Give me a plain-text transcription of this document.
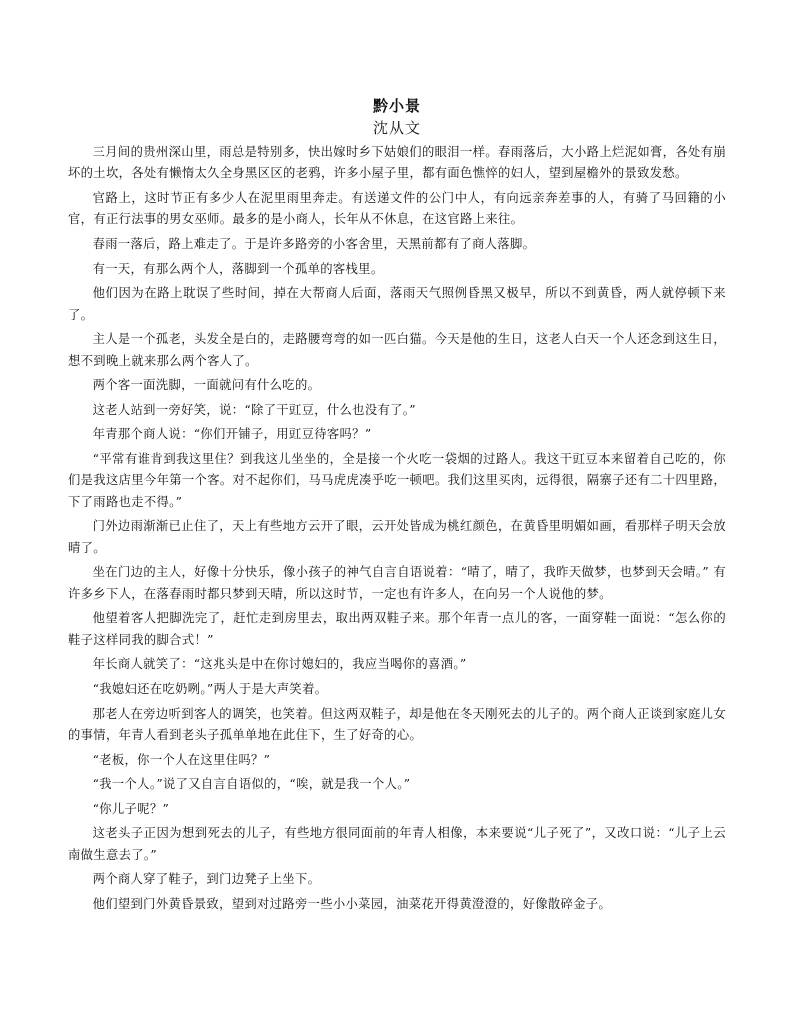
黔小景
沈从文

三月间的贵州深山里，雨总是特别多，快出嫁时乡下姑娘们的眼泪一样。春雨落后，大小路上烂泥如膏，各处有崩坏的土坎，各处有懒惰太久全身黑区区的老鸦，许多小屋子里，都有面色憔悴的妇人，望到屋檐外的景致发愁。

官路上，这时节正有多少人在泥里雨里奔走。有送递文件的公门中人，有向远亲奔差事的人，有骑了马回籍的小官，有正行法事的男女巫师。最多的是小商人，长年从不休息，在这官路上来往。

春雨一落后，路上难走了。于是许多路旁的小客舍里，天黑前都有了商人落脚。

有一天，有那么两个人，落脚到一个孤单的客栈里。

他们因为在路上耽误了些时间，掉在大帮商人后面，落雨天气照例昏黑又极早，所以不到黄昏，两人就停顿下来了。

主人是一个孤老，头发全是白的，走路腰弯弯的如一匹白猫。今天是他的生日，这老人白天一个人还念到这生日，想不到晚上就来那么两个客人了。

两个客一面洗脚，一面就问有什么吃的。

这老人站到一旁好笑，说：“除了干豇豆，什么也没有了。”

年青那个商人说：“你们开铺子，用豇豆待客吗？”

“平常有谁肯到我这里住？到我这儿坐坐的，全是接一个火吃一袋烟的过路人。我这干豇豆本来留着自己吃的，你们是我这店里今年第一个客。对不起你们，马马虎虎凑乎吃一顿吧。我们这里买肉，远得很，隔寨子还有二十四里路，下了雨路也走不得。”

门外边雨渐渐已止住了，天上有些地方云开了眼，云开处皆成为桃红颜色，在黄昏里明媚如画，看那样子明天会放晴了。

坐在门边的主人，好像十分快乐，像小孩子的神气自言自语说着：“晴了，晴了，我昨天做梦，也梦到天会晴。” 有许多乡下人，在落春雨时都只梦到天晴，所以这时节，一定也有许多人，在向另一个人说他的梦。

他望着客人把脚洗完了，赶忙走到房里去，取出两双鞋子来。那个年青一点儿的客，一面穿鞋一面说：“怎么你的鞋子这样同我的脚合式！”

年长商人就笑了：“这兆头是中在你讨媳妇的，我应当喝你的喜酒。”

“我媳妇还在吃奶咧。”两人于是大声笑着。

那老人在旁边听到客人的调笑，也笑着。但这两双鞋子，却是他在冬天刚死去的儿子的。两个商人正谈到家庭儿女的事情，年青人看到老头子孤单单地在此住下，生了好奇的心。

“老板，你一个人在这里住吗？”

“我一个人。”说了又自言自语似的，“唉，就是我一个人。”

“你儿子呢？”

这老头子正因为想到死去的儿子，有些地方很同面前的年青人相像，本来要说“儿子死了”，又改口说：“儿子上云南做生意去了。”

两个商人穿了鞋子，到门边凳子上坐下。

他们望到门外黄昏景致，望到对过路旁一些小小菜园，油菜花开得黄澄澄的，好像散碎金子。
